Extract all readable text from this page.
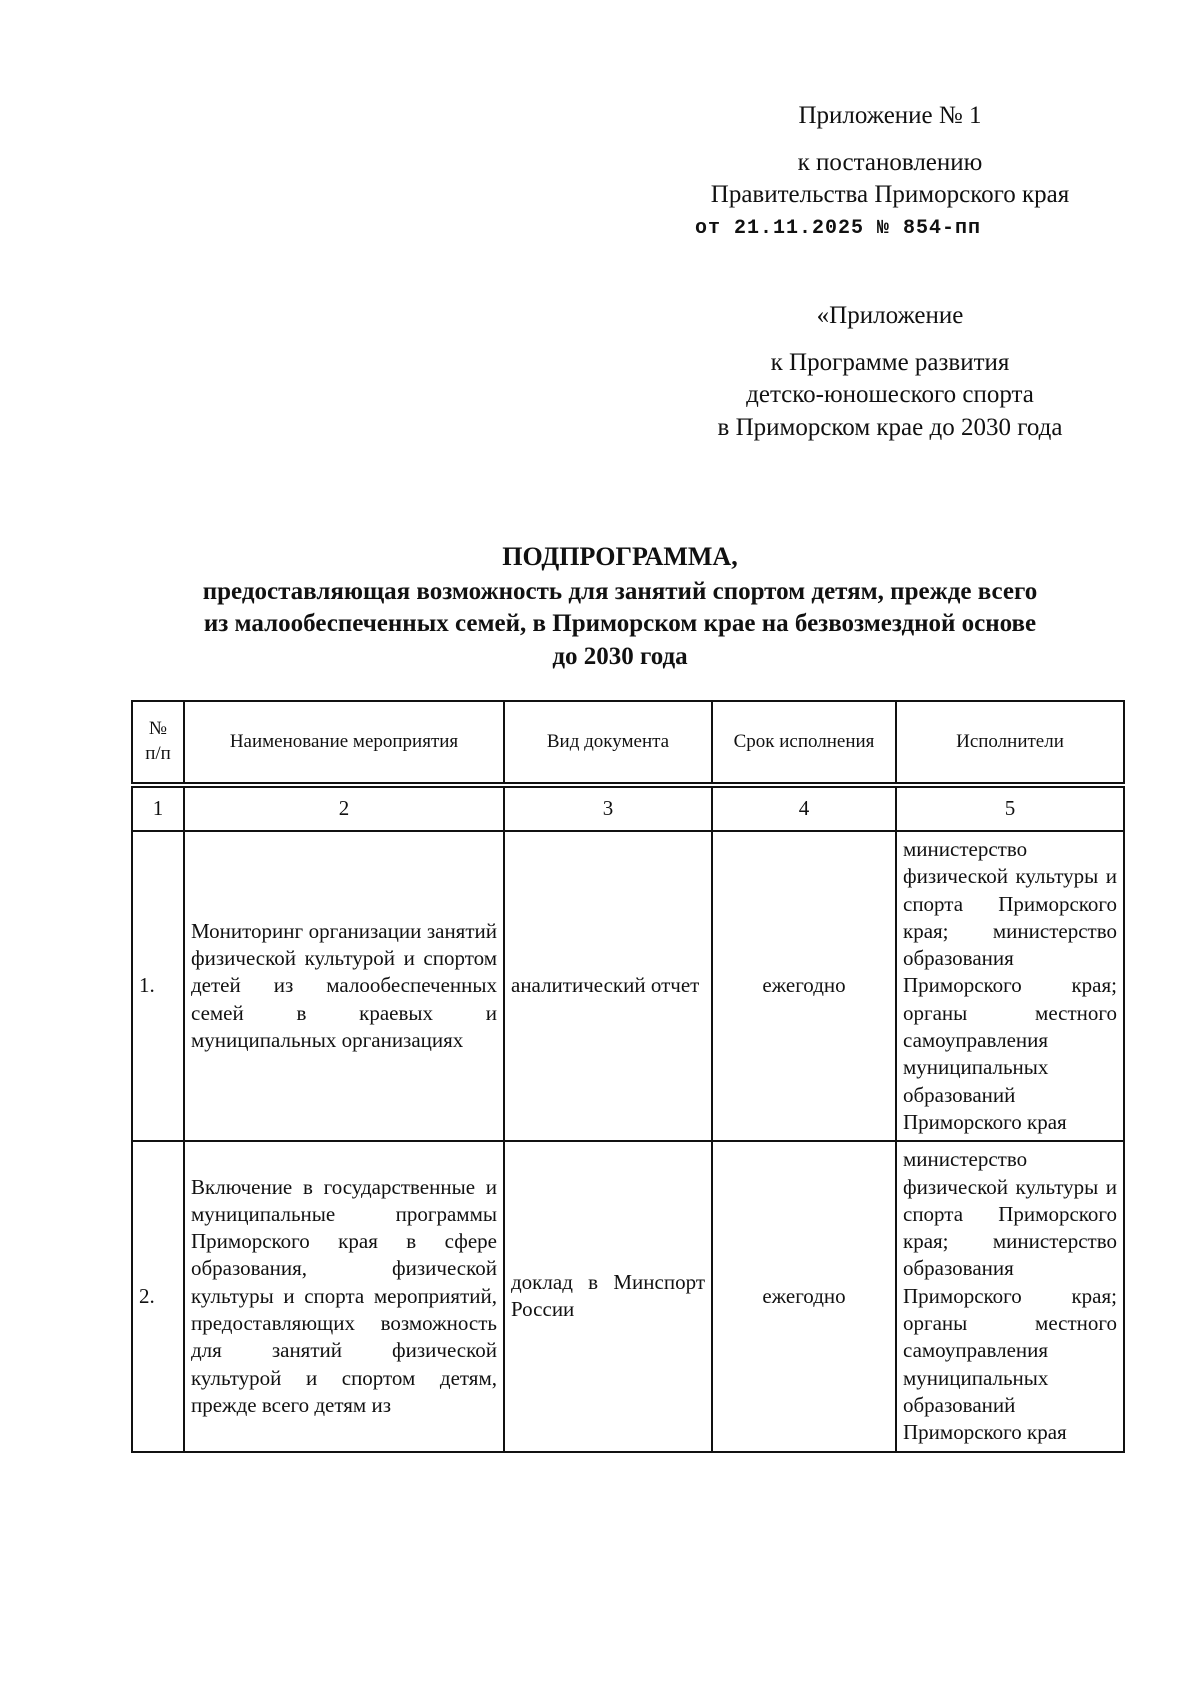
Приложение № 1
к постановлению
Правительства Приморского края
от 21.11.2025 № 854-пп
«Приложение
к Программе развития
детско-юношеского спорта
в Приморском крае до 2030 года
ПОДПРОГРАММА,
предоставляющая возможность для занятий спортом детям, прежде всего
из малообеспеченных семей, в Приморском крае на безвозмездной основе
до 2030 года
№ п/п	Наименование мероприятия	Вид документа	Срок исполнения	Исполнители
1	2	3	4	5
1.	Мониторинг организации занятий физической культурой и спортом детей из малообеспеченных семей в краевых и муниципальных организациях	аналитический отчет	ежегодно	министерство физической культуры и спорта Приморского края; министерство образования Приморского края; органы местного самоуправления муниципальных образований Приморского края
2.	Включение в государственные и муниципальные программы Приморского края в сфере образования, физической культуры и спорта мероприятий, предоставляющих возможность для занятий физической культурой и спортом детям, прежде всего детям из	доклад в Минспорт России	ежегодно	министерство физической культуры и спорта Приморского края; министерство образования Приморского края; органы местного самоуправления муниципальных образований Приморского края
